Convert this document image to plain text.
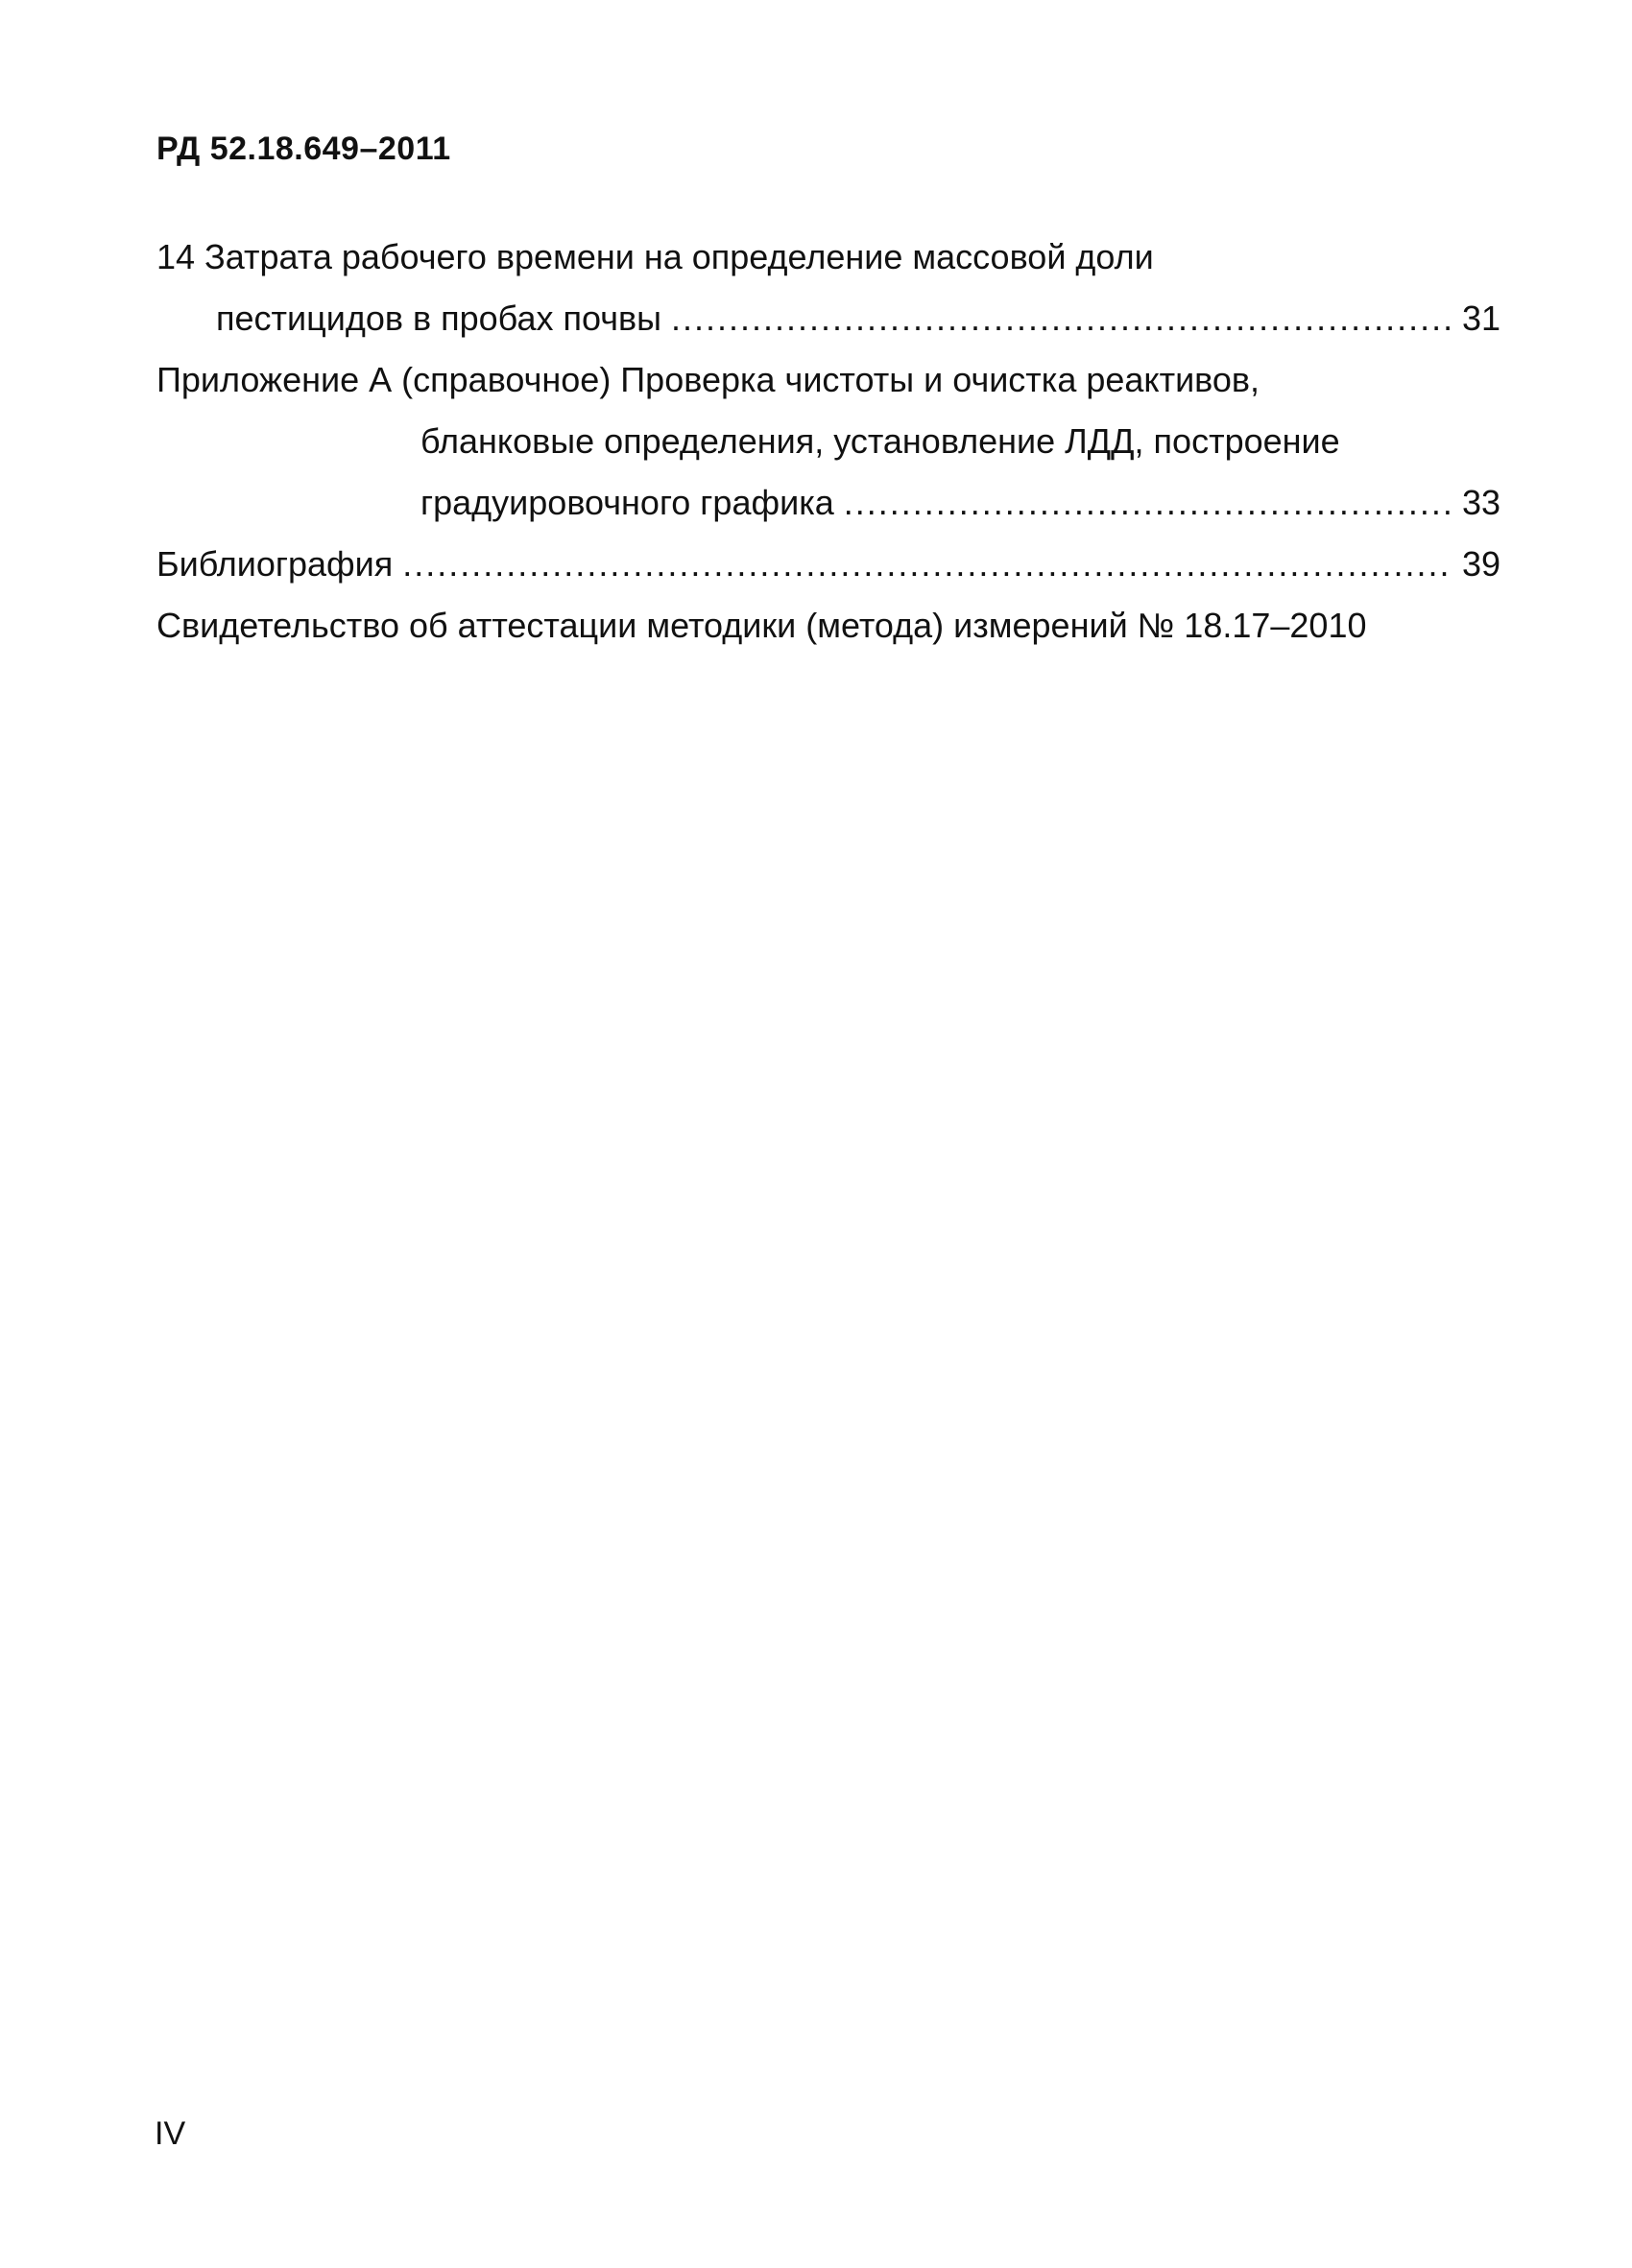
РД 52.18.649–2011
14 Затрата рабочего времени на определение массовой доли
пестицидов в пробах почвы .....	31
Приложение А (справочное) Проверка чистоты и очистка реактивов,
бланковые определения, установление ЛДД, построение
градуировочного графика .....	33
Библиография .....	39
Свидетельство об аттестации методики (метода) измерений № 18.17–2010
IV
